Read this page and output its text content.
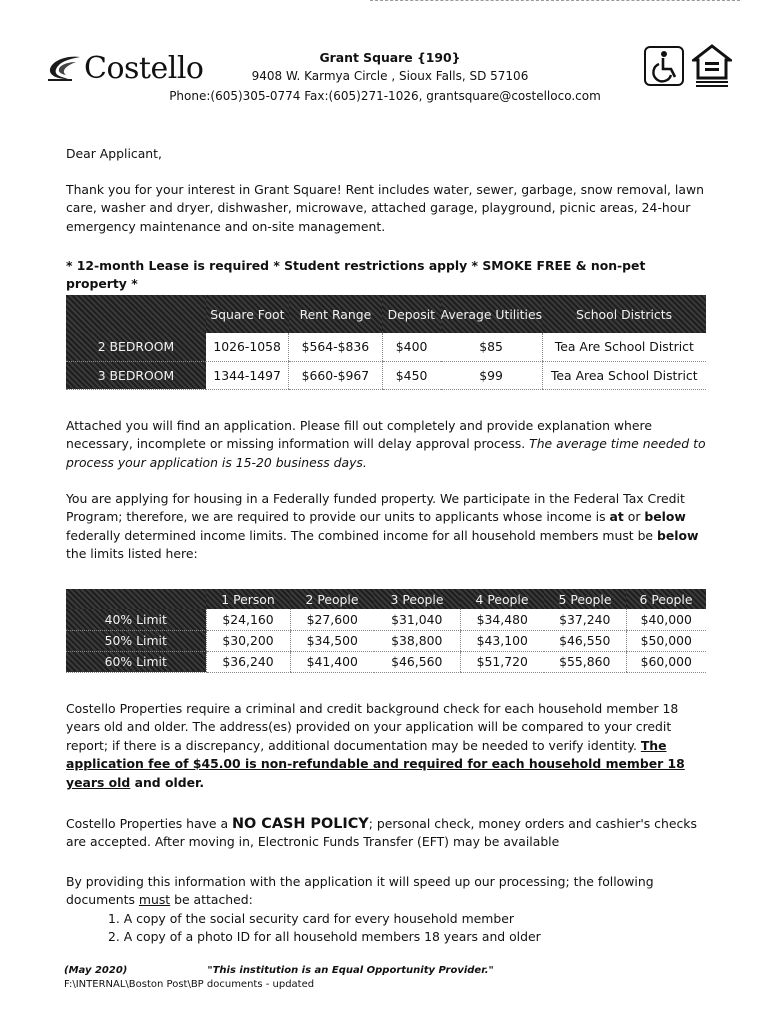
Costello	Grant Square {190}
9408 W. Karmya Circle , Sioux Falls, SD 57106
Phone:(605)305-0774 Fax:(605)271-1026, grantsquare@costelloco.com
Dear Applicant,
Thank you for your interest in Grant Square! Rent includes water, sewer, garbage, snow removal, lawn care, washer and dryer, dishwasher, microwave, attached garage, playground, picnic areas, 24-hour emergency maintenance and on-site management.
* 12-month Lease is required * Student restrictions apply * SMOKE FREE & non-pet property *
	Square Foot	Rent Range	Deposit	Average Utilities	School Districts
2 BEDROOM	1026-1058	$564-$836	$400	$85	Tea Are School District
3 BEDROOM	1344-1497	$660-$967	$450	$99	Tea Area School District
Attached you will find an application. Please fill out completely and provide explanation where necessary, incomplete or missing information will delay approval process. The average time needed to process your application is 15-20 business days.
You are applying for housing in a Federally funded property. We participate in the Federal Tax Credit Program; therefore, we are required to provide our units to applicants whose income is at or below federally determined income limits. The combined income for all household members must be below the limits listed here:
	1 Person	2 People	3 People	4 People	5 People	6 People
40% Limit	$24,160	$27,600	$31,040	$34,480	$37,240	$40,000
50% Limit	$30,200	$34,500	$38,800	$43,100	$46,550	$50,000
60% Limit	$36,240	$41,400	$46,560	$51,720	$55,860	$60,000
Costello Properties require a criminal and credit background check for each household member 18 years old and older. The address(es) provided on your application will be compared to your credit report; if there is a discrepancy, additional documentation may be needed to verify identity. The application fee of $45.00 is non-refundable and required for each household member 18 years old and older.
Costello Properties have a NO CASH POLICY; personal check, money orders and cashier's checks are accepted. After moving in, Electronic Funds Transfer (EFT) may be available
By providing this information with the application it will speed up our processing; the following documents must be attached:
1. A copy of the social security card for every household member
2. A copy of a photo ID for all household members 18 years and older
(May 2020)	"This institution is an Equal Opportunity Provider."
F:\INTERNAL\Boston Post\BP documents - updated
